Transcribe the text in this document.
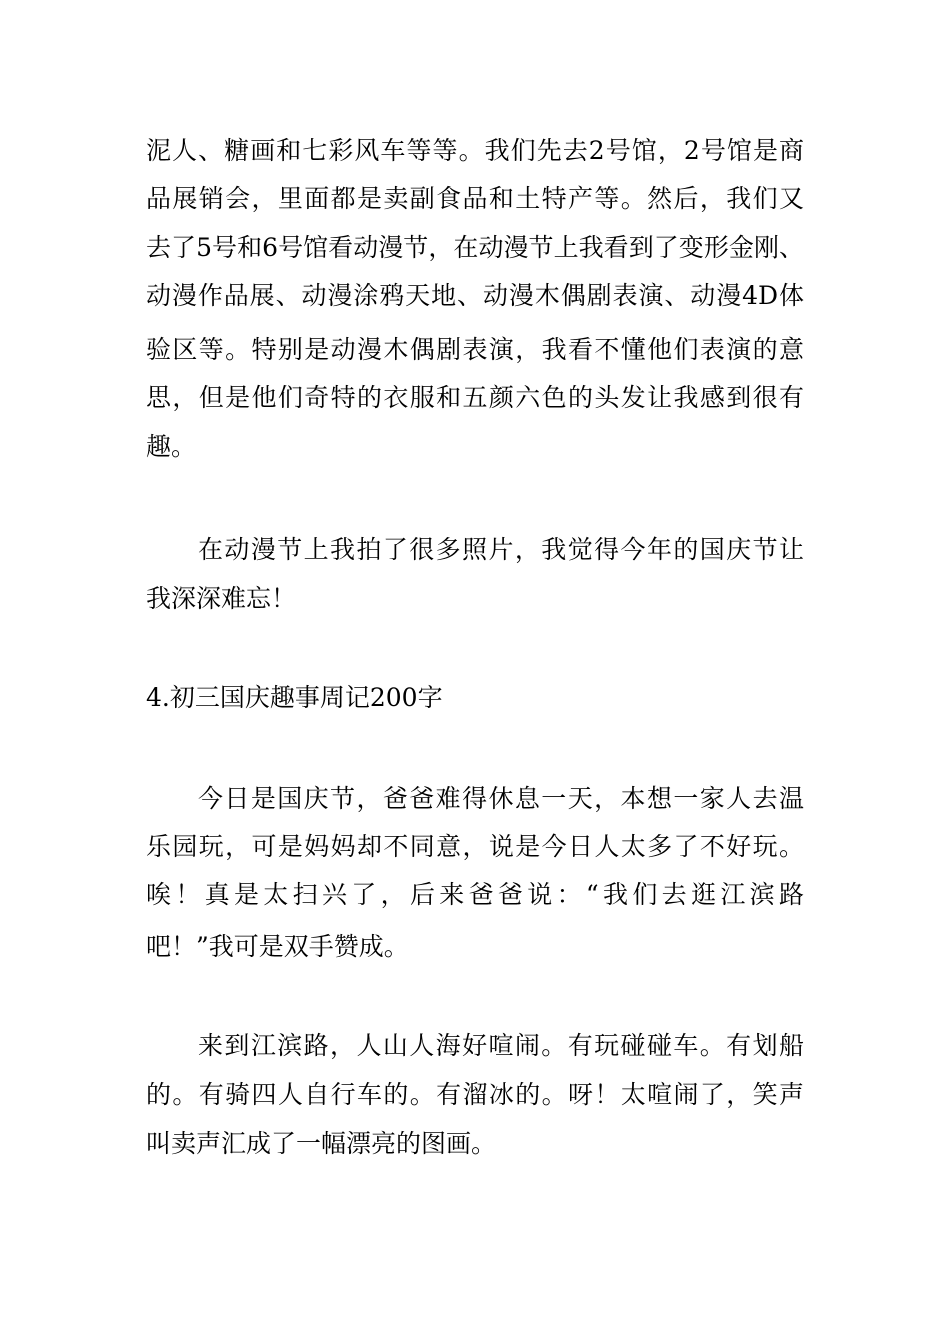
泥人、糖画和七彩风车等等。我们先去2号馆，2号馆是商
品展销会，里面都是卖副食品和土特产等。然后，我们又
去了5号和6号馆看动漫节，在动漫节上我看到了变形金刚、
动漫作品展、动漫涂鸦天地、动漫木偶剧表演、动漫4D体
验区等。特别是动漫木偶剧表演，我看不懂他们表演的意
思，但是他们奇特的衣服和五颜六色的头发让我感到很有
趣。
在动漫节上我拍了很多照片，我觉得今年的国庆节让
我深深难忘！
4.初三国庆趣事周记200字
今日是国庆节，爸爸难得休息一天，本想一家人去温
乐园玩，可是妈妈却不同意，说是今日人太多了不好玩。
唉！真是太扫兴了，后来爸爸说：“我们去逛江滨路
吧！”我可是双手赞成。
来到江滨路，人山人海好喧闹。有玩碰碰车。有划船
的。有骑四人自行车的。有溜冰的。呀！太喧闹了，笑声
叫卖声汇成了一幅漂亮的图画。
